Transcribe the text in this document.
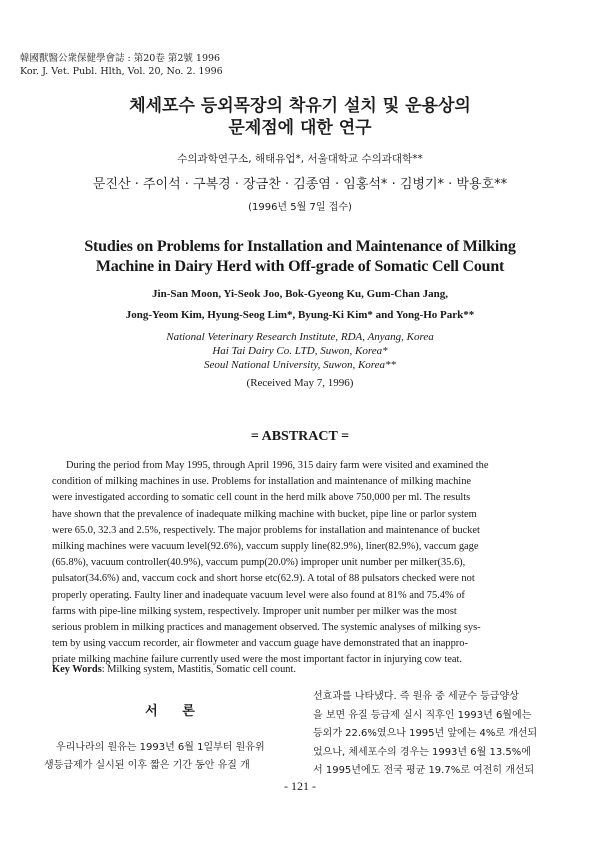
韓國獸醫公衆保健學會誌 : 第20卷 第2號 1996
Kor. J. Vet. Publ. Hlth, Vol. 20, No. 2. 1996
체세포수 등외목장의 착유기 설치 및 운용상의
문제점에 대한 연구
수의과학연구소, 해태유업*, 서울대학교 수의과대학**
문진산 · 주이석 · 구복경 · 장금찬 · 김종염 · 임홍석* · 김병기* · 박용호**
(1996년 5월 7일 접수)
Studies on Problems for Installation and Maintenance of Milking
Machine in Dairy Herd with Off-grade of Somatic Cell Count
Jin-San Moon, Yi-Seok Joo, Bok-Gyeong Ku, Gum-Chan Jang,
Jong-Yeom Kim, Hyung-Seog Lim*, Byung-Ki Kim* and Yong-Ho Park**
National Veterinary Research Institute, RDA, Anyang, Korea
Hai Tai Dairy Co. LTD, Suwon, Korea*
Seoul National University, Suwon, Korea**
(Received May 7, 1996)
= ABSTRACT =
During the period from May 1995, through April 1996, 315 dairy farm were visited and examined the
condition of milking machines in use. Problems for installation and maintenance of milking machine
were investigated according to somatic cell count in the herd milk above 750,000 per ml. The results
have shown that the prevalence of inadequate milking machine with bucket, pipe line or parlor system
were 65.0, 32.3 and 2.5%, respectively. The major problems for installation and maintenance of bucket
milking machines were vacuum level(92.6%), vaccum supply line(82.9%), liner(82.9%), vaccum gage
(65.8%), vacuum controller(40.9%), vaccum pump(20.0%) improper unit number per milker(35.6),
pulsator(34.6%) and, vaccum cock and short horse etc(62.9). A total of 88 pulsators checked were not
properly operating. Faulty liner and inadequate vacuum level were also found at 81% and 75.4% of
farms with pipe-line milking system, respectively. Improper unit number per milker was the most
serious problem in milking practices and management observed. The systemic analyses of milking sys-
tem by using vaccum recorder, air flowmeter and vaccum guage have demonstrated that an inappro-
priate milking machine failure currently used were the most important factor in injurying cow teat.
Key Words: Milking system, Mastitis, Somatic cell count.
서 론
우리나라의 원유는 1993년 6월 1일부터 원유위
생등급제가 실시된 이후 짧은 기간 동안 유질 개
선효과를 나타냈다. 즉 원유 중 세균수 등급양상
을 보면 유질 등급제 실시 직후인 1993년 6월에는
등외가 22.6%였으나 1995년 앞에는 4%로 개선되
었으나, 체세포수의 경우는 1993년 6월 13.5%에
서 1995년에도 전국 평균 19.7%로 여전히 개선되
- 121 -
